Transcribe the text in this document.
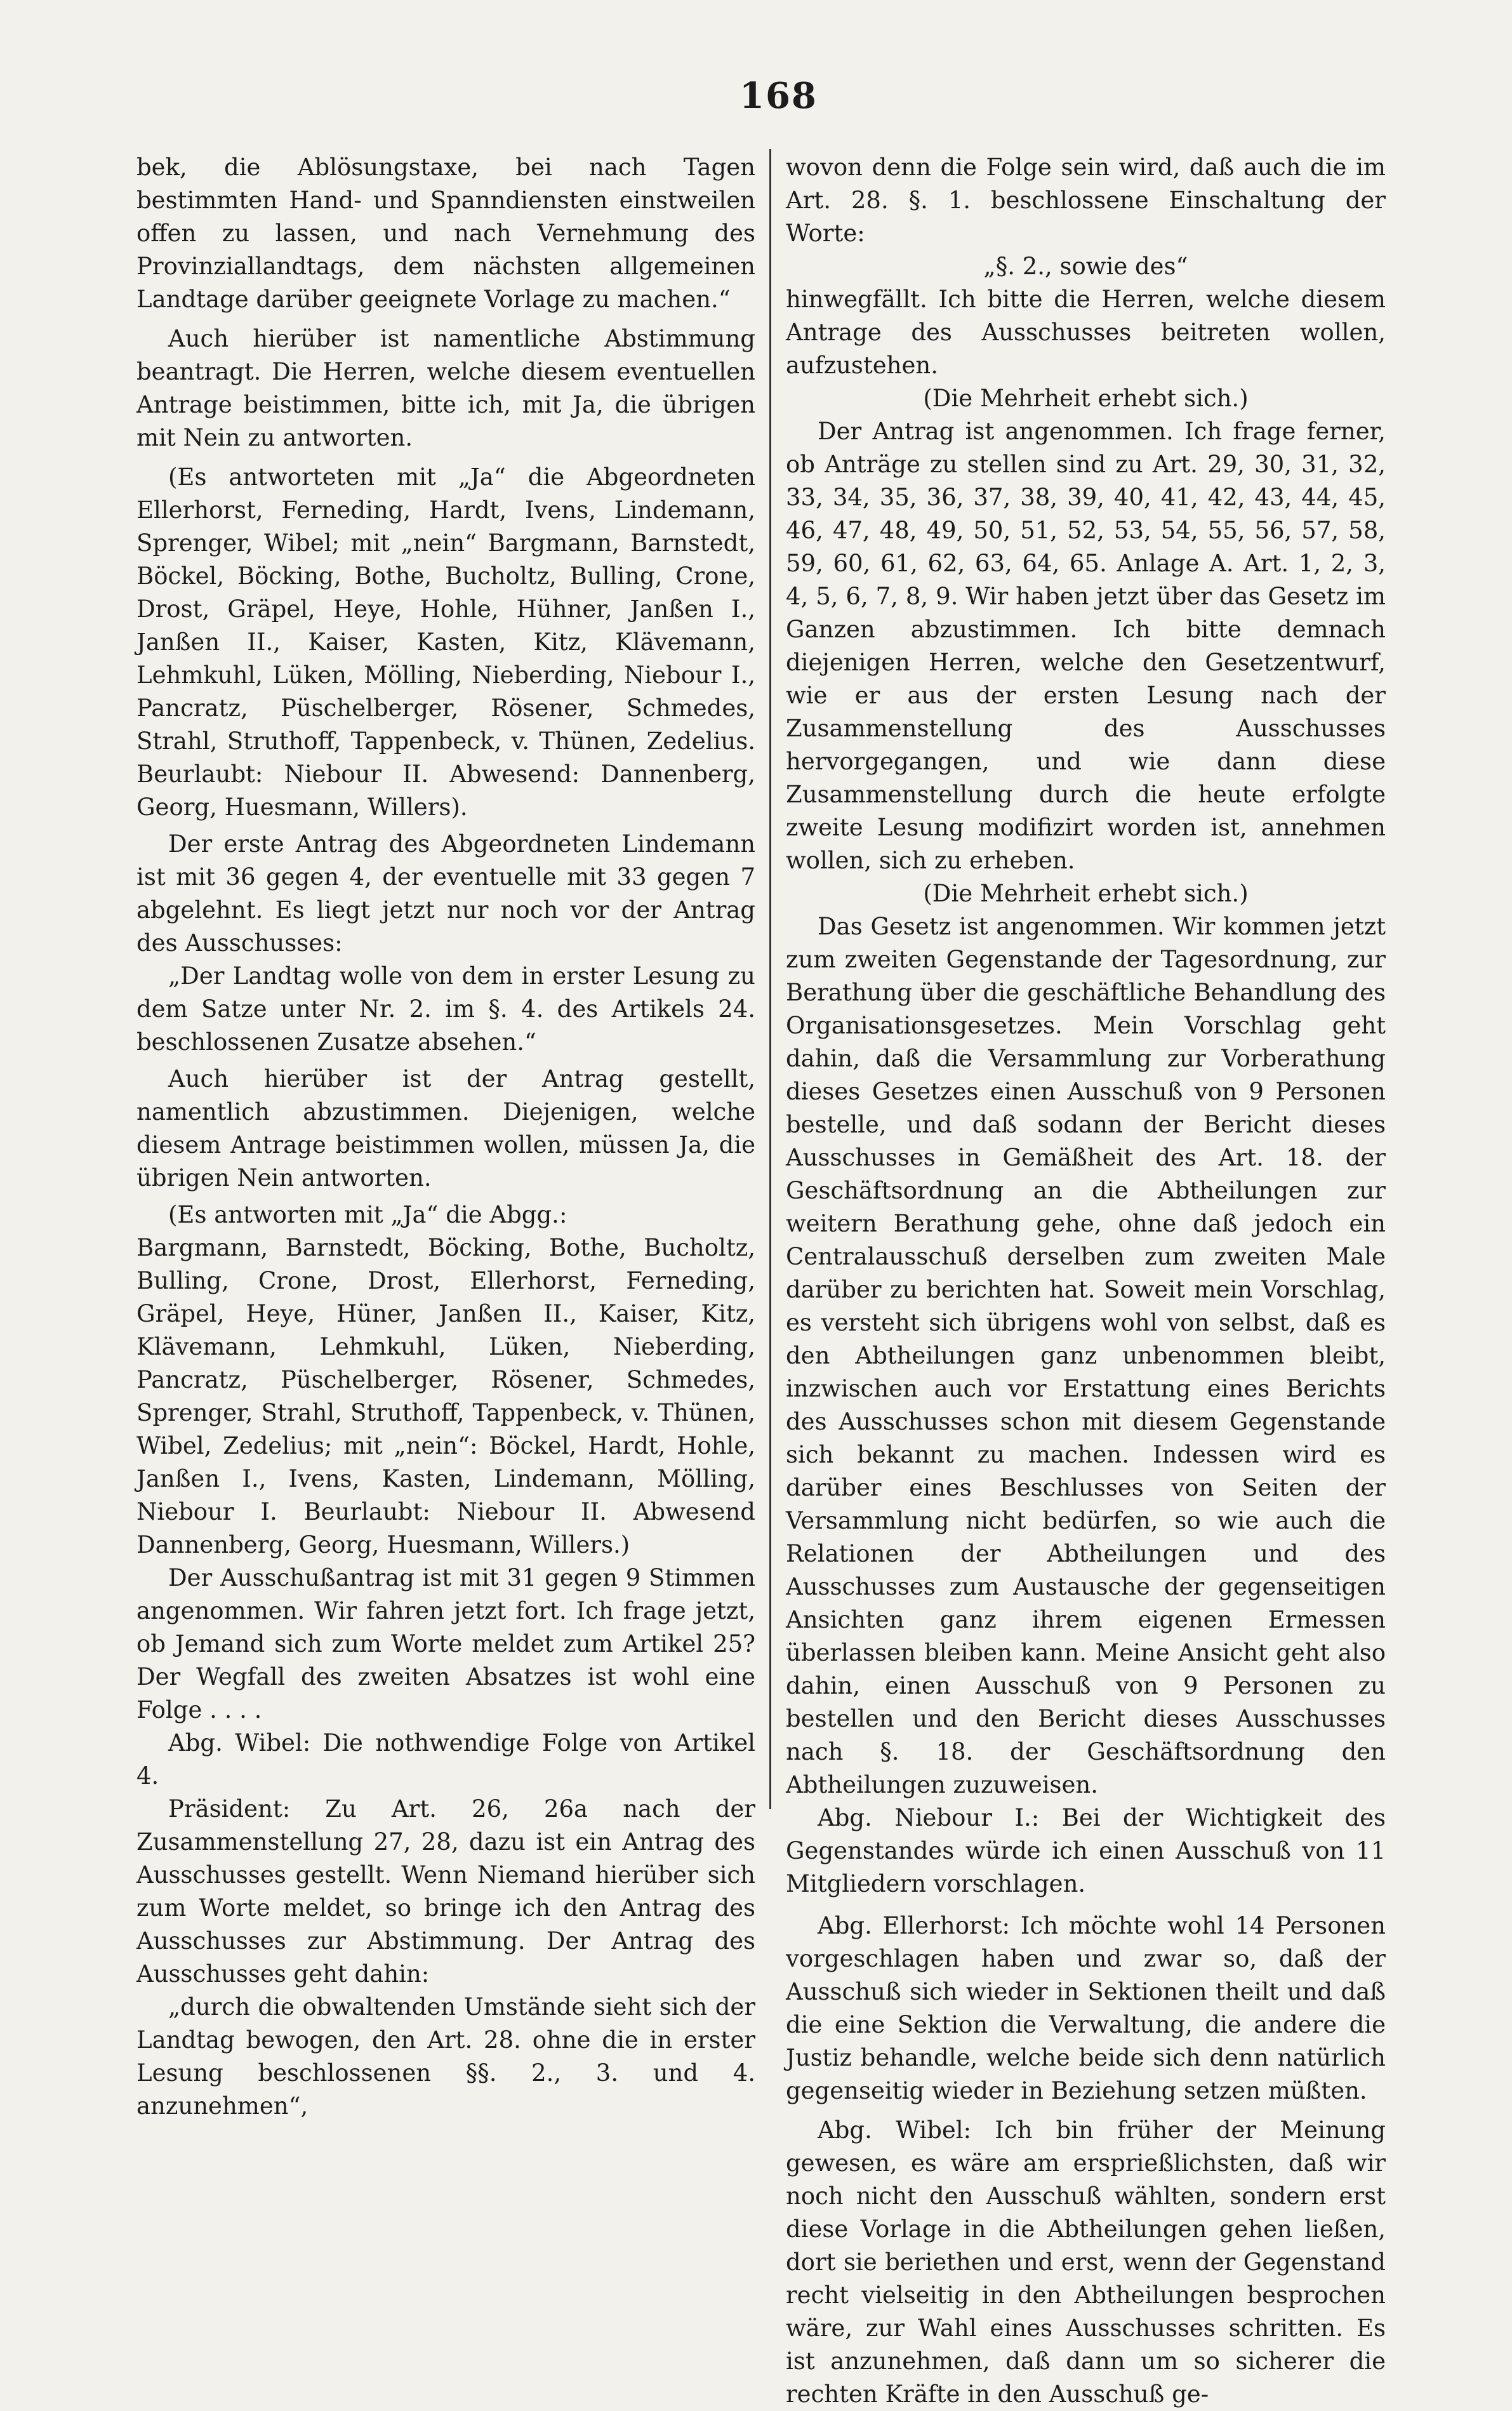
168

bek, die Ablösungstaxe, bei nach Tagen bestimmten Hand- und Spanndiensten einstweilen offen zu lassen, und nach Vernehmung des Provinziallandtags, dem nächsten allgemeinen Landtage darüber geeignete Vorlage zu machen.“

Auch hierüber ist namentliche Abstimmung beantragt. Die Herren, welche diesem eventuellen Antrage beistimmen, bitte ich, mit Ja, die übrigen mit Nein zu antworten.

(Es antworteten mit „Ja“ die Abgeordneten Ellerhorst, Ferneding, Hardt, Ivens, Lindemann, Sprenger, Wibel; mit „nein“ Bargmann, Barnstedt, Böckel, Böcking, Bothe, Bucholtz, Bulling, Crone, Drost, Gräpel, Heye, Hohle, Hühner, Janßen I., Janßen II., Kaiser, Kasten, Kitz, Klävemann, Lehmkuhl, Lüken, Mölling, Nieberding, Niebour I., Pancratz, Püschelberger, Rösener, Schmedes, Strahl, Struthoff, Tappenbeck, v. Thünen, Zedelius. Beurlaubt: Niebour II. Abwesend: Dannenberg, Georg, Huesmann, Willers).

Der erste Antrag des Abgeordneten Lindemann ist mit 36 gegen 4, der eventuelle mit 33 gegen 7 abgelehnt. Es liegt jetzt nur noch vor der Antrag des Ausschusses:

„Der Landtag wolle von dem in erster Lesung zu dem Satze unter Nr. 2. im §. 4. des Artikels 24. beschlossenen Zusatze absehen.“

Auch hierüber ist der Antrag gestellt, namentlich abzustimmen. Diejenigen, welche diesem Antrage beistimmen wollen, müssen Ja, die übrigen Nein antworten.

(Es antworten mit „Ja“ die Abgg.:

Bargmann, Barnstedt, Böcking, Bothe, Bucholtz, Bulling, Crone, Drost, Ellerhorst, Ferneding, Gräpel, Heye, Hüner, Janßen II., Kaiser, Kitz, Klävemann, Lehmkuhl, Lüken, Nieberding, Pancratz, Püschelberger, Rösener, Schmedes, Sprenger, Strahl, Struthoff, Tappenbeck, v. Thünen, Wibel, Zedelius; mit „nein“: Böckel, Hardt, Hohle, Janßen I., Ivens, Kasten, Lindemann, Mölling, Niebour I. Beurlaubt: Niebour II. Abwesend Dannenberg, Georg, Huesmann, Willers.)

Der Ausschußantrag ist mit 31 gegen 9 Stimmen angenommen. Wir fahren jetzt fort. Ich frage jetzt, ob Jemand sich zum Worte meldet zum Artikel 25? Der Wegfall des zweiten Absatzes ist wohl eine Folge . . . .

Abg. Wibel: Die nothwendige Folge von Artikel 4.

Präsident: Zu Art. 26, 26a nach der Zusammenstellung 27, 28, dazu ist ein Antrag des Ausschusses gestellt. Wenn Niemand hierüber sich zum Worte meldet, so bringe ich den Antrag des Ausschusses zur Abstimmung. Der Antrag des Ausschusses geht dahin:

„durch die obwaltenden Umstände sieht sich der Landtag bewogen, den Art. 28. ohne die in erster Lesung beschlossenen §§. 2., 3. und 4. anzunehmen“,

wovon denn die Folge sein wird, daß auch die im Art. 28. §. 1. beschlossene Einschaltung der Worte:

„§. 2., sowie des“

hinwegfällt. Ich bitte die Herren, welche diesem Antrage des Ausschusses beitreten wollen, aufzustehen.

(Die Mehrheit erhebt sich.)

Der Antrag ist angenommen. Ich frage ferner, ob Anträge zu stellen sind zu Art. 29, 30, 31, 32, 33, 34, 35, 36, 37, 38, 39, 40, 41, 42, 43, 44, 45, 46, 47, 48, 49, 50, 51, 52, 53, 54, 55, 56, 57, 58, 59, 60, 61, 62, 63, 64, 65. Anlage A. Art. 1, 2, 3, 4, 5, 6, 7, 8, 9. Wir haben jetzt über das Gesetz im Ganzen abzustimmen. Ich bitte demnach diejenigen Herren, welche den Gesetzentwurf, wie er aus der ersten Lesung nach der Zusammenstellung des Ausschusses hervorgegangen, und wie dann diese Zusammenstellung durch die heute erfolgte zweite Lesung modifizirt worden ist, annehmen wollen, sich zu erheben.

(Die Mehrheit erhebt sich.)

Das Gesetz ist angenommen. Wir kommen jetzt zum zweiten Gegenstande der Tagesordnung, zur Berathung über die geschäftliche Behandlung des Organisationsgesetzes. Mein Vorschlag geht dahin, daß die Versammlung zur Vorberathung dieses Gesetzes einen Ausschuß von 9 Personen bestelle, und daß sodann der Bericht dieses Ausschusses in Gemäßheit des Art. 18. der Geschäftsordnung an die Abtheilungen zur weitern Berathung gehe, ohne daß jedoch ein Centralausschuß derselben zum zweiten Male darüber zu berichten hat. Soweit mein Vorschlag, es versteht sich übrigens wohl von selbst, daß es den Abtheilungen ganz unbenommen bleibt, inzwischen auch vor Erstattung eines Berichts des Ausschusses schon mit diesem Gegenstande sich bekannt zu machen. Indessen wird es darüber eines Beschlusses von Seiten der Versammlung nicht bedürfen, so wie auch die Relationen der Abtheilungen und des Ausschusses zum Austausche der gegenseitigen Ansichten ganz ihrem eigenen Ermessen überlassen bleiben kann. Meine Ansicht geht also dahin, einen Ausschuß von 9 Personen zu bestellen und den Bericht dieses Ausschusses nach §. 18. der Geschäftsordnung den Abtheilungen zuzuweisen.

Abg. Niebour I.: Bei der Wichtigkeit des Gegenstandes würde ich einen Ausschuß von 11 Mitgliedern vorschlagen.

Abg. Ellerhorst: Ich möchte wohl 14 Personen vorgeschlagen haben und zwar so, daß der Ausschuß sich wieder in Sektionen theilt und daß die eine Sektion die Verwaltung, die andere die Justiz behandle, welche beide sich denn natürlich gegenseitig wieder in Beziehung setzen müßten.

Abg. Wibel: Ich bin früher der Meinung gewesen, es wäre am ersprießlichsten, daß wir noch nicht den Ausschuß wählten, sondern erst diese Vorlage in die Abtheilungen gehen ließen, dort sie beriethen und erst, wenn der Gegenstand recht vielseitig in den Abtheilungen besprochen wäre, zur Wahl eines Ausschusses schritten. Es ist anzunehmen, daß dann um so sicherer die rechten Kräfte in den Ausschuß ge-
